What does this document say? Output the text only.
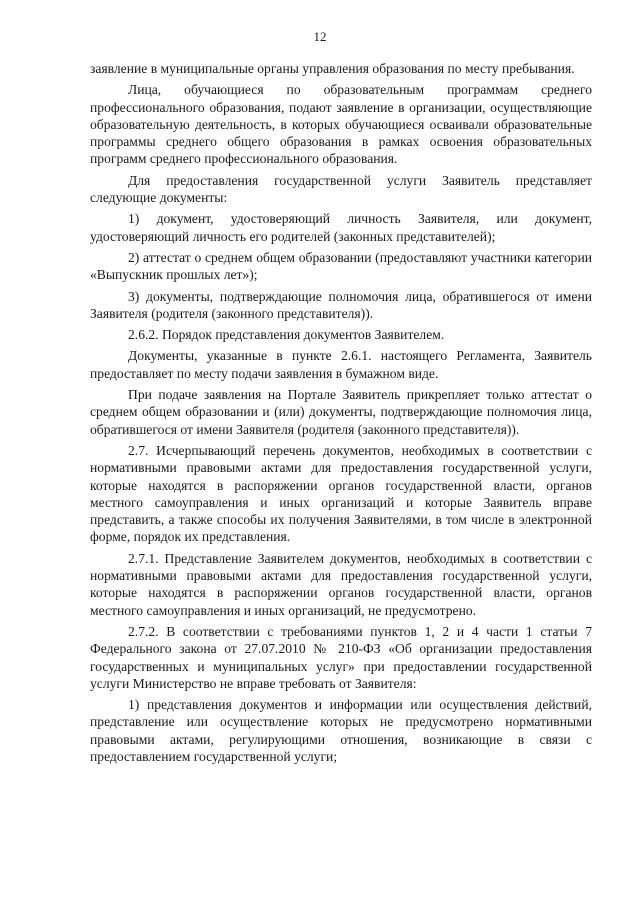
12

заявление в муниципальные органы управления образования по месту пребывания.

Лица, обучающиеся по образовательным программам среднего профессионального образования, подают заявление в организации, осуществляющие образовательную деятельность, в которых обучающиеся осваивали образовательные программы среднего общего образования в рамках освоения образовательных программ среднего профессионального образования.

Для предоставления государственной услуги Заявитель представляет следующие документы:

1) документ, удостоверяющий личность Заявителя, или документ, удостоверяющий личность его родителей (законных представителей);

2) аттестат о среднем общем образовании (предоставляют участники категории «Выпускник прошлых лет»);

3) документы, подтверждающие полномочия лица, обратившегося от имени Заявителя (родителя (законного представителя)).

2.6.2. Порядок представления документов Заявителем.

Документы, указанные в пункте 2.6.1. настоящего Регламента, Заявитель предоставляет по месту подачи заявления в бумажном виде.

При подаче заявления на Портале Заявитель прикрепляет только аттестат о среднем общем образовании и (или) документы, подтверждающие полномочия лица, обратившегося от имени Заявителя (родителя (законного представителя)).

2.7. Исчерпывающий перечень документов, необходимых в соответствии с нормативными правовыми актами для предоставления государственной услуги, которые находятся в распоряжении органов государственной власти, органов местного самоуправления и иных организаций и которые Заявитель вправе представить, а также способы их получения Заявителями, в том числе в электронной форме, порядок их представления.

2.7.1. Представление Заявителем документов, необходимых в соответствии с нормативными правовыми актами для предоставления государственной услуги, которые находятся в распоряжении органов государственной власти, органов местного самоуправления и иных организаций, не предусмотрено.

2.7.2. В соответствии с требованиями пунктов 1, 2 и 4 части 1 статьи 7 Федерального закона от 27.07.2010 № 210-ФЗ «Об организации предоставления государственных и муниципальных услуг» при предоставлении государственной услуги Министерство не вправе требовать от Заявителя:

1) представления документов и информации или осуществления действий, представление или осуществление которых не предусмотрено нормативными правовыми актами, регулирующими отношения, возникающие в связи с предоставлением государственной услуги;
